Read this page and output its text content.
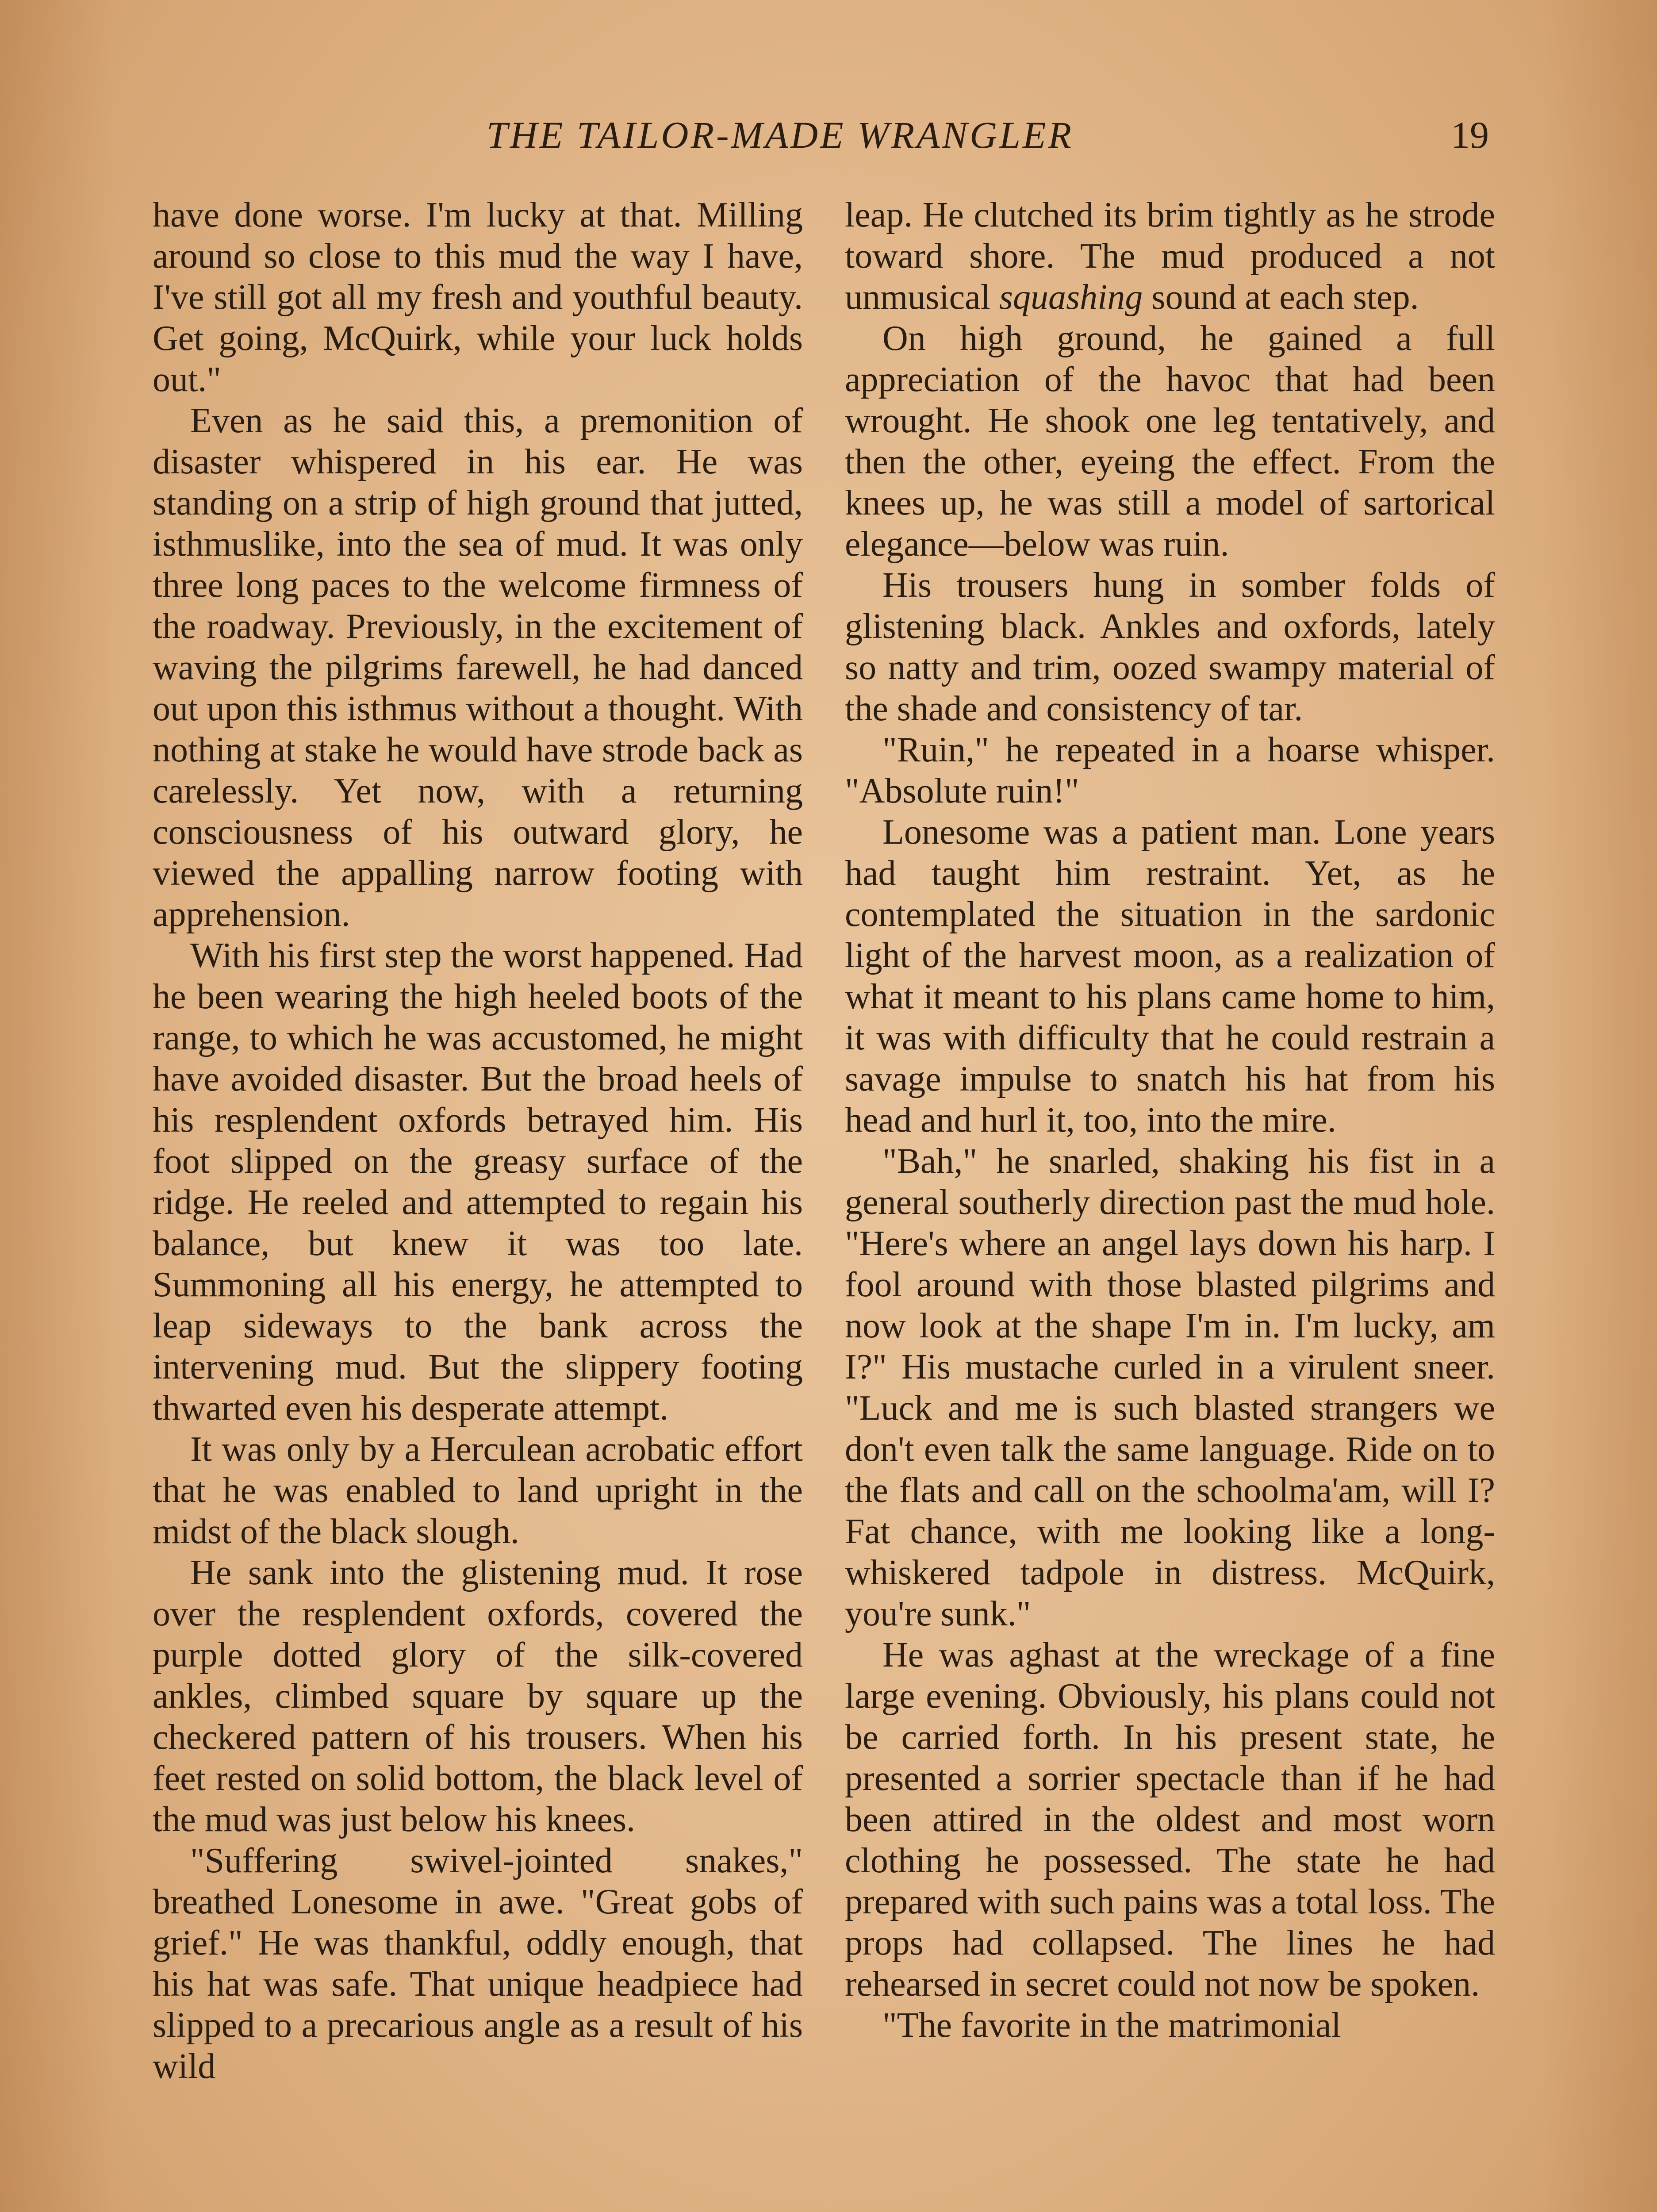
THE TAILOR-MADE WRANGLER	19

have done worse. I'm lucky at that. Milling around so close to this mud the way I have, I've still got all my fresh and youthful beauty. Get going, McQuirk, while your luck holds out."

Even as he said this, a premonition of disaster whispered in his ear. He was standing on a strip of high ground that jutted, isthmuslike, into the sea of mud. It was only three long paces to the welcome firmness of the roadway. Previously, in the excitement of waving the pilgrims farewell, he had danced out upon this isthmus without a thought. With nothing at stake he would have strode back as carelessly. Yet now, with a returning consciousness of his outward glory, he viewed the appalling narrow footing with apprehension.

With his first step the worst happened. Had he been wearing the high heeled boots of the range, to which he was accustomed, he might have avoided disaster. But the broad heels of his resplendent oxfords betrayed him. His foot slipped on the greasy surface of the ridge. He reeled and attempted to regain his balance, but knew it was too late. Summoning all his energy, he attempted to leap sideways to the bank across the intervening mud. But the slippery footing thwarted even his desperate attempt.

It was only by a Herculean acrobatic effort that he was enabled to land upright in the midst of the black slough.

He sank into the glistening mud. It rose over the resplendent oxfords, covered the purple dotted glory of the silk-covered ankles, climbed square by square up the checkered pattern of his trousers. When his feet rested on solid bottom, the black level of the mud was just below his knees.

"Suffering swivel-jointed snakes," breathed Lonesome in awe. "Great gobs of grief." He was thankful, oddly enough, that his hat was safe. That unique headpiece had slipped to a precarious angle as a result of his wild

leap. He clutched its brim tightly as he strode toward shore. The mud produced a not unmusical squashing sound at each step.

On high ground, he gained a full appreciation of the havoc that had been wrought. He shook one leg tentatively, and then the other, eyeing the effect. From the knees up, he was still a model of sartorical elegance—below was ruin.

His trousers hung in somber folds of glistening black. Ankles and oxfords, lately so natty and trim, oozed swampy material of the shade and consistency of tar.

"Ruin," he repeated in a hoarse whisper. "Absolute ruin!"

Lonesome was a patient man. Lone years had taught him restraint. Yet, as he contemplated the situation in the sardonic light of the harvest moon, as a realization of what it meant to his plans came home to him, it was with difficulty that he could restrain a savage impulse to snatch his hat from his head and hurl it, too, into the mire.

"Bah," he snarled, shaking his fist in a general southerly direction past the mud hole. "Here's where an angel lays down his harp. I fool around with those blasted pilgrims and now look at the shape I'm in. I'm lucky, am I?" His mustache curled in a virulent sneer. "Luck and me is such blasted strangers we don't even talk the same language. Ride on to the flats and call on the schoolma'am, will I? Fat chance, with me looking like a long-whiskered tadpole in distress. McQuirk, you're sunk."

He was aghast at the wreckage of a fine large evening. Obviously, his plans could not be carried forth. In his present state, he presented a sorrier spectacle than if he had been attired in the oldest and most worn clothing he possessed. The state he had prepared with such pains was a total loss. The props had collapsed. The lines he had rehearsed in secret could not now be spoken.

"The favorite in the matrimonial
